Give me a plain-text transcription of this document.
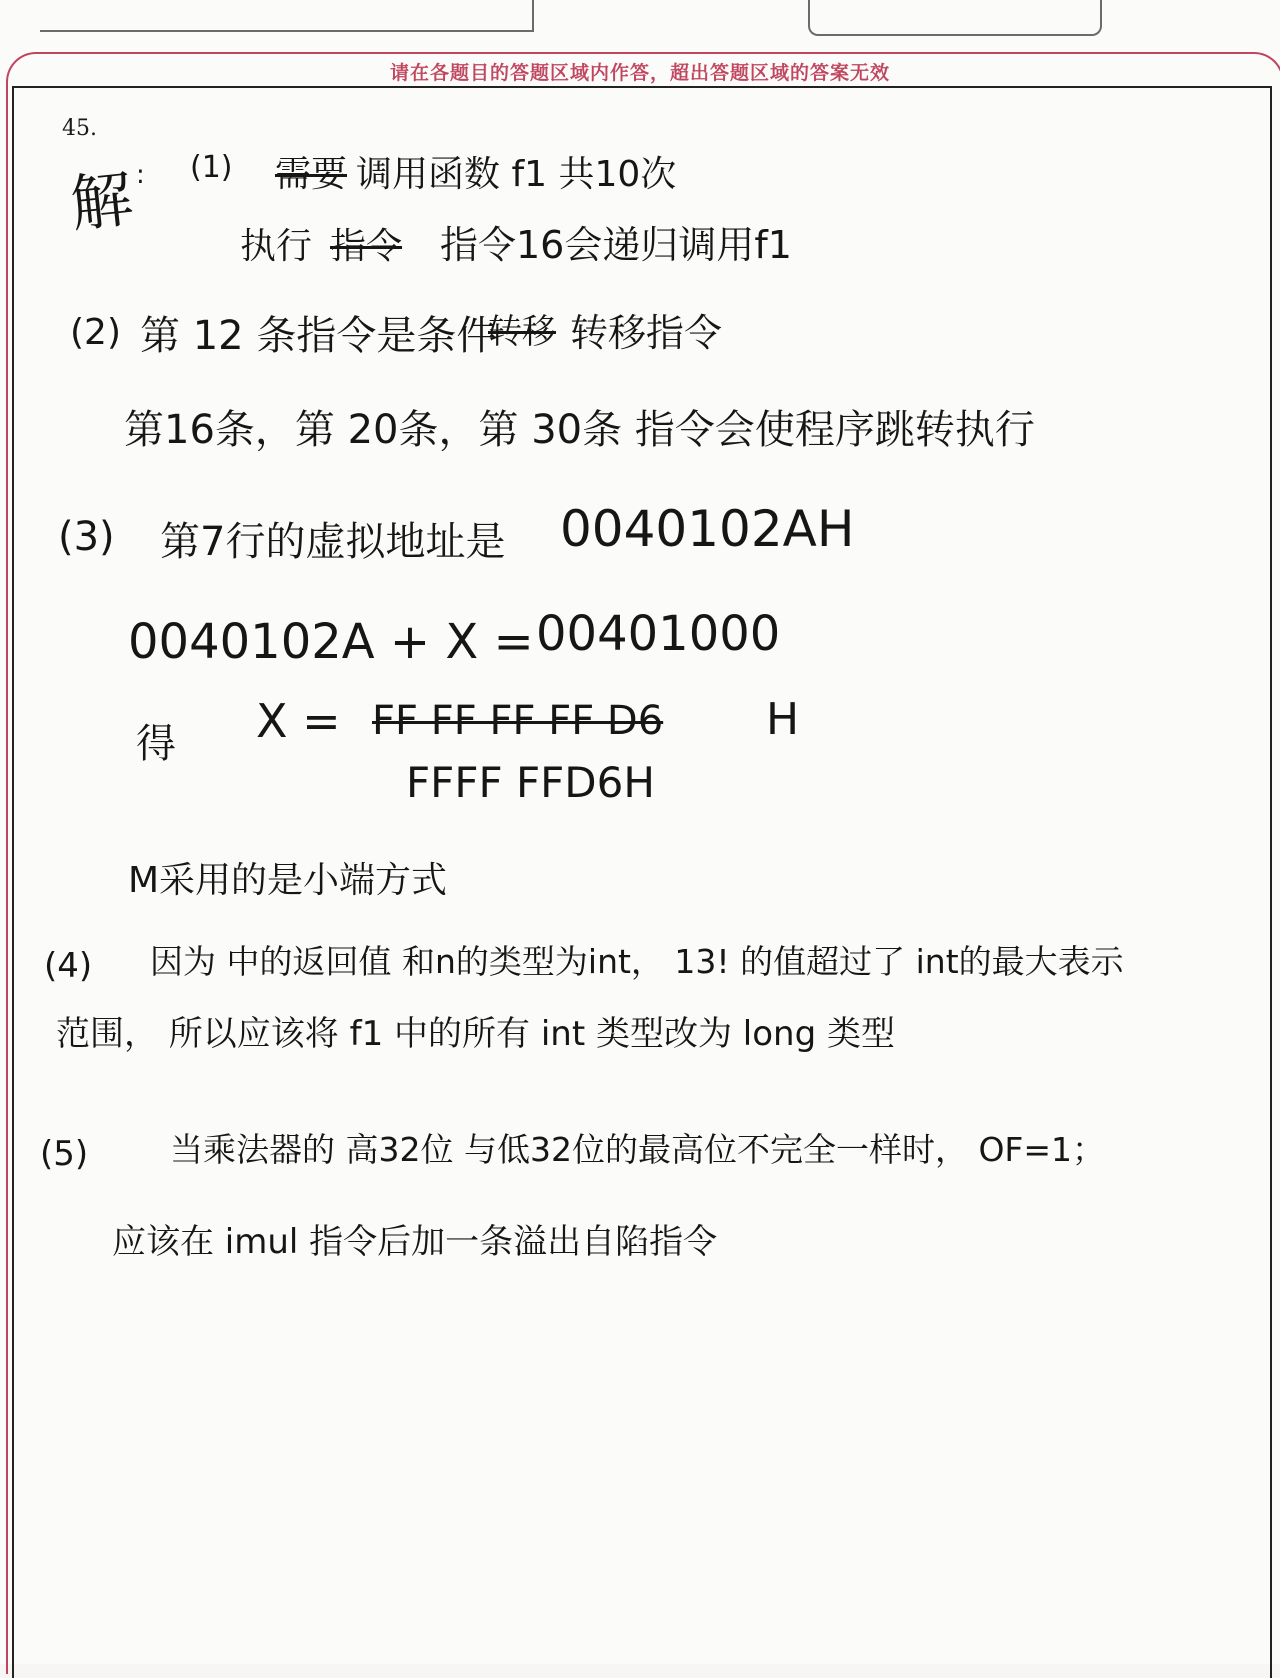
请在各题目的答题区域内作答，超出答题区域的答案无效
45.
解 : (1) 需要 调用函数 f1 共10次
执行 指令 指令16会递归调用f1
(2) 第 12 条指令是条件
转移 转移指令
第16条，第 20条，第 30条 指令会使程序跳转执行
(3) 第7行的虚拟地址是 0040102AH
0040102A + X = 00401000
得 X = FF FF FF FF D6 H
FFFF FFD6H
M采用的是小端方式
(4) 因为 中的返回值 和n的类型为int， 13! 的值超过了 int的最大表示
范围， 所以应该将 f1 中的所有 int 类型改为 long 类型
(5) 当乘法器的 高32位 与低32位的最高位不完全一样时， OF=1；
应该在 imul 指令后加一条溢出自陷指令
